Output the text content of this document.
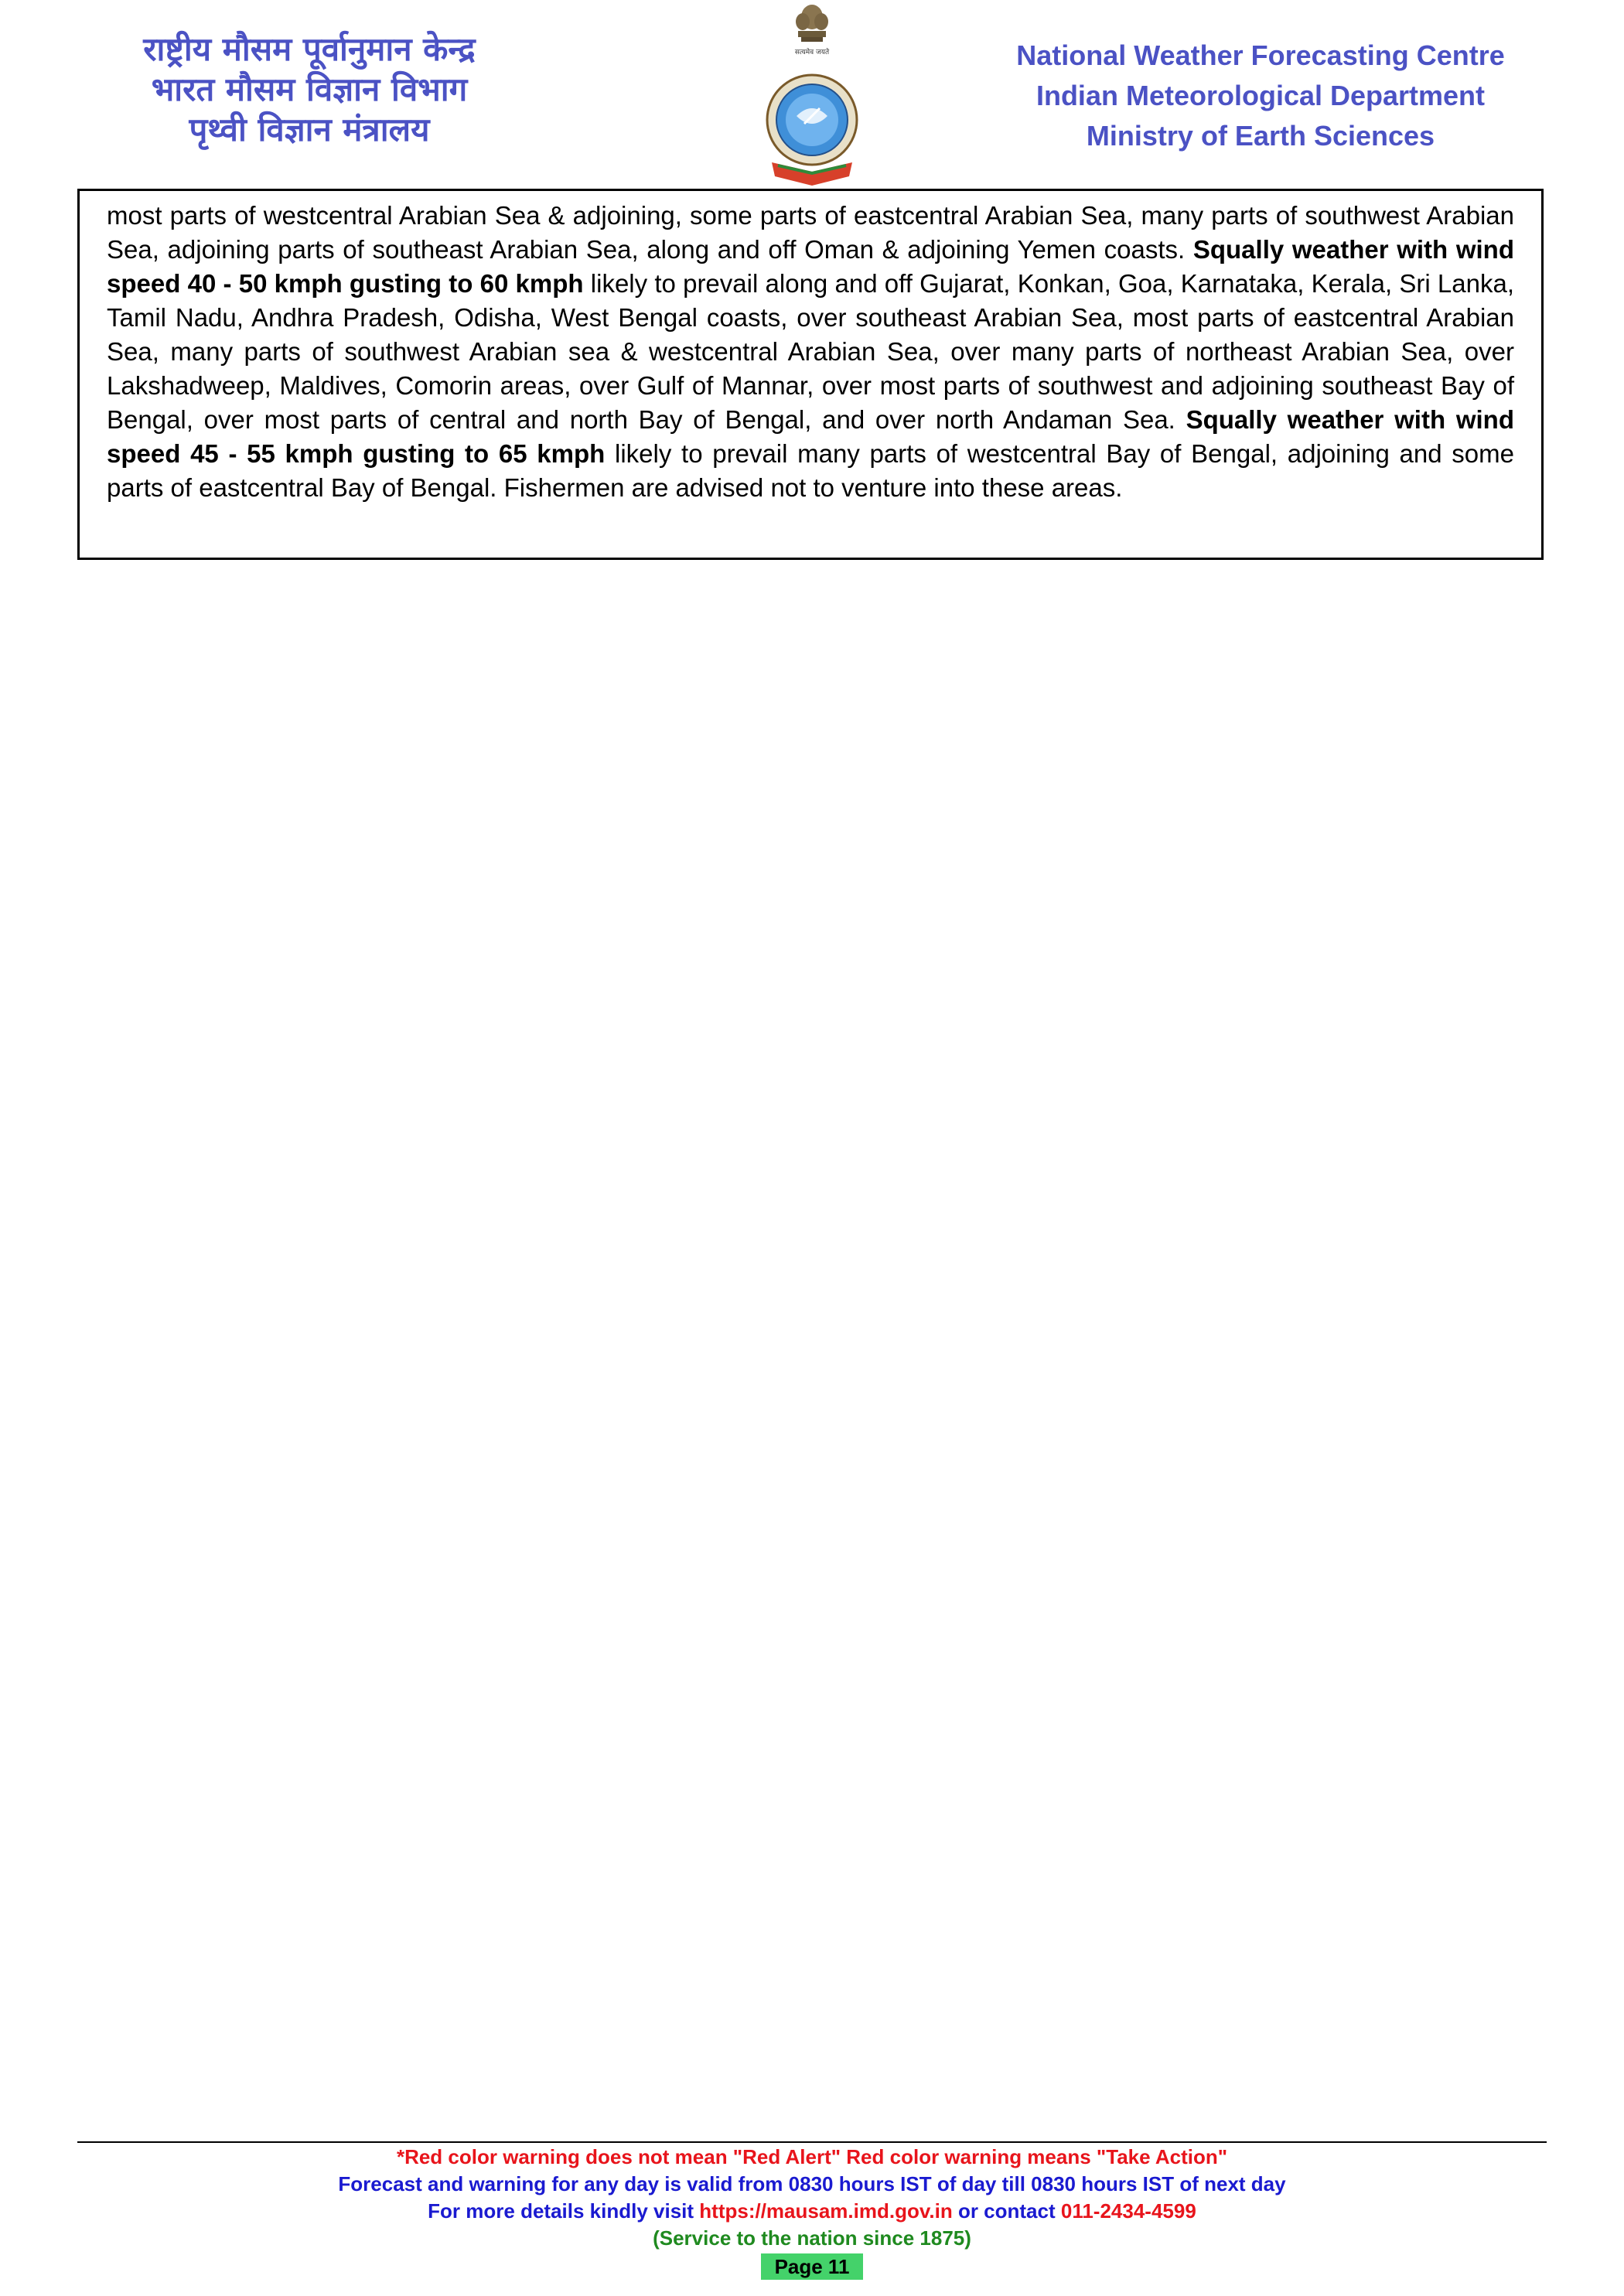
राष्ट्रीय मौसम पूर्वानुमान केन्द्र
भारत मौसम विज्ञान विभाग
पृथ्वी विज्ञान मंत्रालय
सत्यमेव जयते	National Weather Forecasting Centre
Indian Meteorological Department
Ministry of Earth Sciences
most parts of westcentral Arabian Sea & adjoining, some parts of eastcentral Arabian Sea, many parts of southwest Arabian Sea, adjoining parts of southeast Arabian Sea, along and off Oman & adjoining Yemen coasts. Squally weather with wind speed 40 - 50 kmph gusting to 60 kmph likely to prevail along and off Gujarat, Konkan, Goa, Karnataka, Kerala, Sri Lanka, Tamil Nadu, Andhra Pradesh, Odisha, West Bengal coasts, over southeast Arabian Sea, most parts of eastcentral Arabian Sea, many parts of southwest Arabian sea & westcentral Arabian Sea, over many parts of northeast Arabian Sea, over Lakshadweep, Maldives, Comorin areas, over Gulf of Mannar, over most parts of southwest and adjoining southeast Bay of Bengal, over most parts of central and north Bay of Bengal, and over north Andaman Sea. Squally weather with wind speed 45 - 55 kmph gusting to 65 kmph likely to prevail many parts of westcentral Bay of Bengal, adjoining and some parts of eastcentral Bay of Bengal. Fishermen are advised not to venture into these areas.
*Red color warning does not mean "Red Alert" Red color warning means "Take Action"
Forecast and warning for any day is valid from 0830 hours IST of day till 0830 hours IST of next day
For more details kindly visit https://mausam.imd.gov.in or contact 011-2434-4599
(Service to the nation since 1875)
Page 11
